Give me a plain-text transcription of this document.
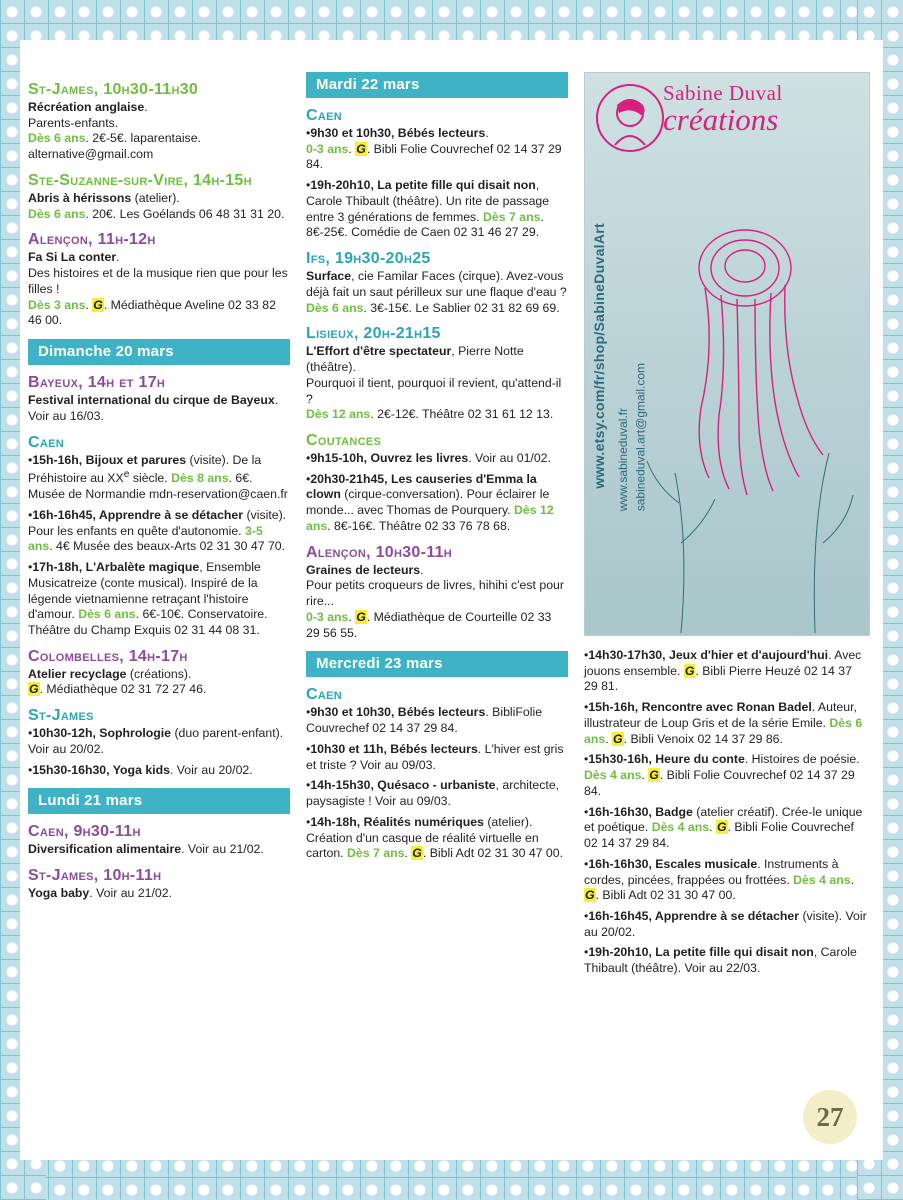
St-James, 10h30-11h30

Récréation anglaise.
Parents-enfants.
Dès 6 ans. 2€-5€. laparentaise.
alternative@gmail.com

Ste-Suzanne-sur-Vire, 14h-15h

Abris à hérissons (atelier).
Dès 6 ans. 20€. Les Goélands 06 48 31 31 20.

Alençon, 11h-12h

Fa Si La conter.
Des histoires et de la musique rien que pour les filles !
Dès 3 ans. G. Médiathèque Aveline 02 33 82 46 00.

Dimanche 20 mars
Bayeux, 14h et 17h

Festival international du cirque de Bayeux. Voir au 16/03.

Caen

•15h-16h, Bijoux et parures (visite). De la Préhistoire au XXe siècle. Dès 8 ans. 6€. Musée de Normandie mdn-reservation@caen.fr

•16h-16h45, Apprendre à se détacher (visite). Pour les enfants en quête d'autonomie. 3-5 ans. 4€ Musée des beaux-Arts 02 31 30 47 70.

•17h-18h, L'Arbalète magique, Ensemble Musicatreize (conte musical). Inspiré de la légende vietnamienne retraçant l'histoire d'amour. Dès 6 ans. 6€-10€. Conservatoire. Théâtre du Champ Exquis 02 31 44 08 31.

Colombelles, 14h-17h

Atelier recyclage (créations).
G. Médiathèque 02 31 72 27 46.

St-James

•10h30-12h, Sophrologie (duo parent-enfant). Voir au 20/02.

•15h30-16h30, Yoga kids. Voir au 20/02.

Lundi 21 mars
Caen, 9h30-11h

Diversification alimentaire. Voir au 21/02.

St-James, 10h-11h

Yoga baby. Voir au 21/02.

Mardi 22 mars
Caen

•9h30 et 10h30, Bébés lecteurs.
0-3 ans. G. Bibli Folie Couvrechef 02 14 37 29 84.

•19h-20h10, La petite fille qui disait non, Carole Thibault (théâtre). Un rite de passage entre 3 générations de femmes. Dès 7 ans. 8€-25€. Comédie de Caen 02 31 46 27 29.

Ifs, 19h30-20h25

Surface, cie Familar Faces (cirque). Avez-vous déjà fait un saut périlleux sur une flaque d'eau ?
Dès 6 ans. 3€-15€. Le Sablier 02 31 82 69 69.

Lisieux, 20h-21h15

L'Effort d'être spectateur, Pierre Notte (théâtre).
Pourquoi il tient, pourquoi il revient, qu'attend-il ?
Dès 12 ans. 2€-12€. Théâtre 02 31 61 12 13.

Coutances

•9h15-10h, Ouvrez les livres. Voir au 01/02.

•20h30-21h45, Les causeries d'Emma la clown (cirque-conversation). Pour éclairer le monde... avec Thomas de Pourquery. Dès 12 ans. 8€-16€. Théâtre 02 33 76 78 68.

Alençon, 10h30-11h

Graines de lecteurs.
Pour petits croqueurs de livres, hihihi c'est pour rire...
0-3 ans. G. Médiathèque de Courteille 02 33 29 56 55.

Mercredi 23 mars
Caen

•9h30 et 10h30, Bébés lecteurs. BibliFolie Couvrechef 02 14 37 29 84.

•10h30 et 11h, Bébés lecteurs. L'hiver est gris et triste ? Voir au 09/03.

•14h-15h30, Quésaco - urbaniste, architecte, paysagiste ! Voir au 09/03.

•14h-18h, Réalités numériques (atelier). Création d'un casque de réalité virtuelle en carton. Dès 7 ans. G. Bibli Adt 02 31 30 47 00.

Sabine Duval
créations
www.etsy.com/fr/shop/SabineDuvalArt www.sabineduval.fr sabineduval.art@gmail.com

•14h30-17h30, Jeux d'hier et d'aujourd'hui. Avec jouons ensemble. G. Bibli Pierre Heuzé 02 14 37 29 81.

•15h-16h, Rencontre avec Ronan Badel. Auteur, illustrateur de Loup Gris et de la série Emile. Dès 6 ans. G. Bibli Venoix 02 14 37 29 86.

•15h30-16h, Heure du conte. Histoires de poésie. Dès 4 ans. G. Bibli Folie Couvrechef 02 14 37 29 84.

•16h-16h30, Badge (atelier créatif). Crée-le unique et poétique. Dès 4 ans. G. Bibli Folie Couvrechef 02 14 37 29 84.

•16h-16h30, Escales musicale. Instruments à cordes, pincées, frappées ou frottées. Dès 4 ans. G. Bibli Adt 02 31 30 47 00.

•16h-16h45, Apprendre à se détacher (visite). Voir au 20/02.

•19h-20h10, La petite fille qui disait non, Carole Thibault (théâtre). Voir au 22/03.

27
